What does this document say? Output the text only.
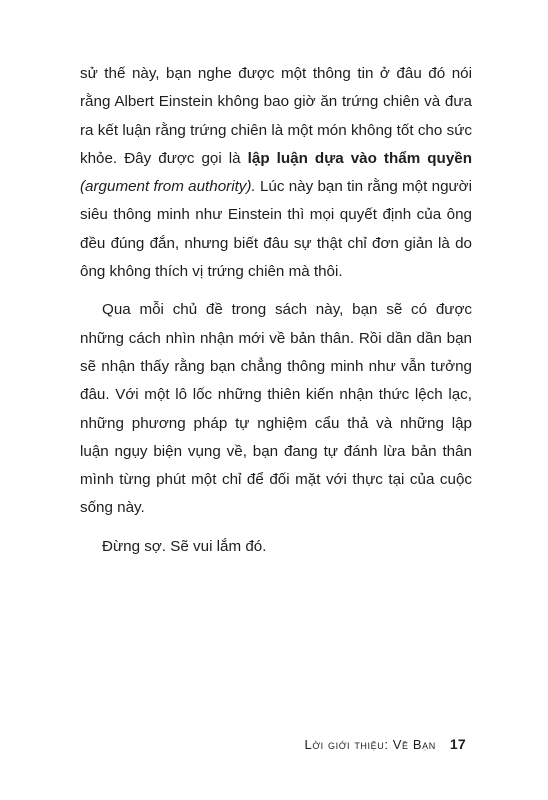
sử thế này, bạn nghe được một thông tin ở đâu đó nói rằng Albert Einstein không bao giờ ăn trứng chiên và đưa ra kết luận rằng trứng chiên là một món không tốt cho sức khỏe. Đây được gọi là lập luận dựa vào thẩm quyền (argument from authority). Lúc này bạn tin rằng một người siêu thông minh như Einstein thì mọi quyết định của ông đều đúng đắn, nhưng biết đâu sự thật chỉ đơn giản là do ông không thích vị trứng chiên mà thôi.

Qua mỗi chủ đề trong sách này, bạn sẽ có được những cách nhìn nhận mới về bản thân. Rồi dần dần bạn sẽ nhận thấy rằng bạn chẳng thông minh như vẫn tưởng đâu. Với một lô lốc những thiên kiến nhận thức lệch lạc, những phương pháp tự nghiệm cẩu thả và những lập luận ngụy biện vụng về, bạn đang tự đánh lừa bản thân mình từng phút một chỉ để đối mặt với thực tại của cuộc sống này.

Đừng sợ. Sẽ vui lắm đó.

Lời giới thiệu: Về Bạn 17
